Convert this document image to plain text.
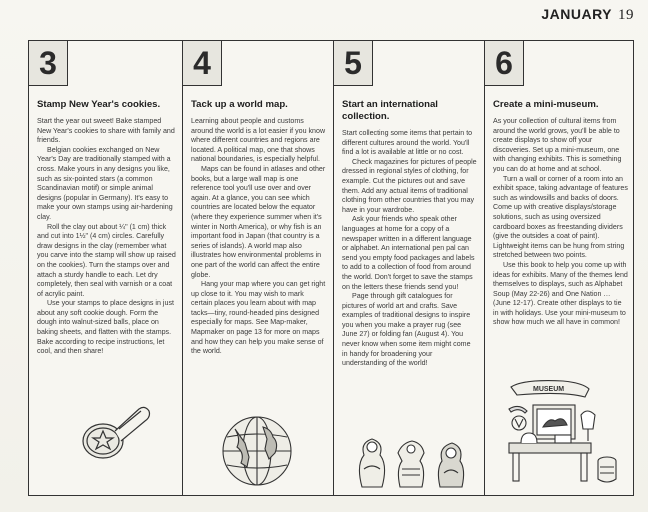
JANUARY 19
3
Stamp New Year's cookies.

Start the year out sweet! Bake stamped New Year's cookies to share with family and friends.

Belgian cookies exchanged on New Year's Day are traditionally stamped with a cross. Make yours in any designs you like, such as six-pointed stars (a common Scandinavian motif) or simple animal designs (popular in Germany). It's easy to make your own stamps using air-hardening clay.

Roll the clay out about ¼" (1 cm) thick and cut into 1½" (4 cm) circles. Carefully draw designs in the clay (remember what you carve into the stamp will show up raised on the cookies). Turn the stamps over and attach a sturdy handle to each. Let dry completely, then seal with varnish or a coat of acrylic paint.

Use your stamps to place designs in just about any soft cookie dough. Form the dough into walnut-sized balls, place on baking sheets, and flatten with the stamps. Bake according to recipe instructions, let cool, and then share!

4
Tack up a world map.

Learning about people and customs around the world is a lot easier if you know where different countries and regions are located. A political map, one that shows national boundaries, is especially helpful.

Maps can be found in atlases and other books, but a large wall map is one reference tool you'll use over and over again. At a glance, you can see which countries are located below the equator (where they experience summer when it's winter in North America), or why fish is an important food in Japan (that country is a series of islands). A world map also illustrates how environmental problems in one part of the world can affect the entire globe.

Hang your map where you can get right up close to it. You may wish to mark certain places you learn about with map tacks—tiny, round-headed pins designed especially for maps. See Map-maker, Mapmaker on page 13 for more on maps and how they can help you make sense of the world.

5
Start an international collection.

Start collecting some items that pertain to different cultures around the world. You'll find a lot is available at little or no cost.

Check magazines for pictures of people dressed in regional styles of clothing, for example. Cut the pictures out and save them. Add any actual items of traditional clothing from other countries that you may have in your wardrobe.

Ask your friends who speak other languages at home for a copy of a newspaper written in a different language or alphabet. An international pen pal can send you empty food packages and labels to add to a collection of food from around the world. Don't forget to save the stamps on the letters these friends send you!

Page through gift catalogues for pictures of world art and crafts. Save examples of traditional designs to inspire you when you make a prayer rug (see June 27) or folding fan (August 4). You never know when some item might come in handy for broadening your understanding of the world!

6
Create a mini-museum.

As your collection of cultural items from around the world grows, you'll be able to create displays to show off your discoveries. Set up a mini-museum, one with changing exhibits. This is something you can do at home and at school.

Turn a wall or corner of a room into an exhibit space, taking advantage of features such as windowsills and backs of doors. Come up with creative displays/storage solutions, such as using oversized cardboard boxes as freestanding dividers (give the outsides a coat of paint). Lightweight items can be hung from string stretched between two points.

Use this book to help you come up with ideas for exhibits. Many of the themes lend themselves to displays, such as Alphabet Soup (May 22-26) and One Nation … (June 12-17). Create other displays to tie in with holidays. Use your mini-museum to show how much we all have in common!

MUSEUM
